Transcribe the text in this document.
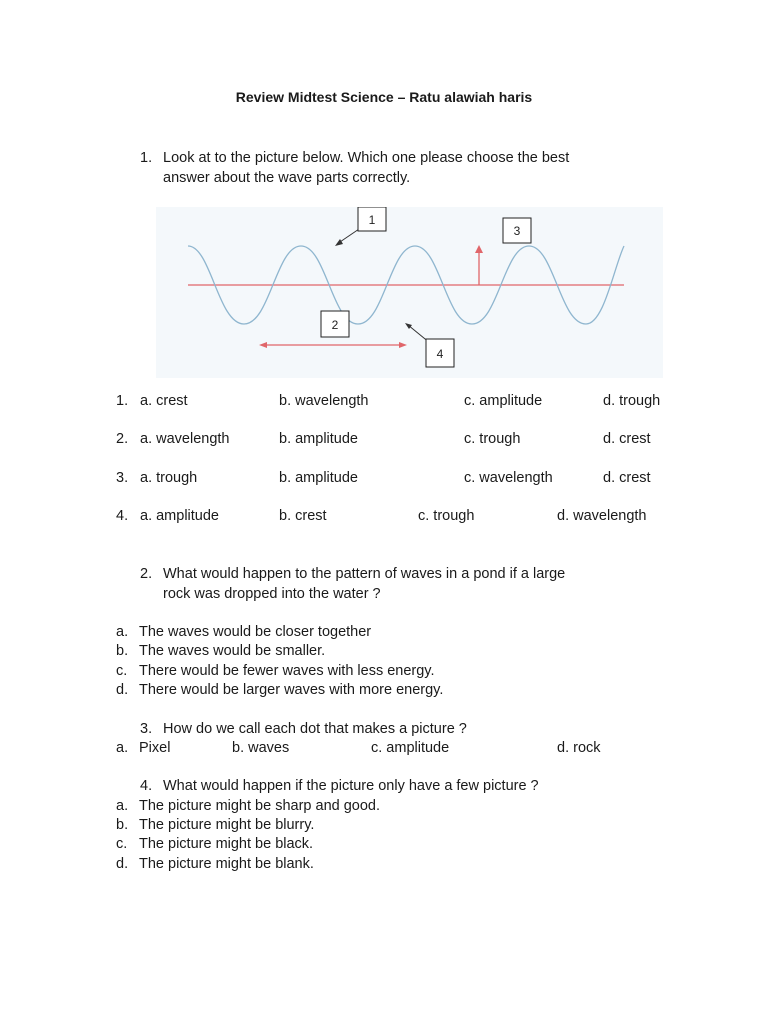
Review Midtest Science – Ratu alawiah haris
1. Look at to the picture below. Which one please choose the best
answer about the wave parts correctly.
1
3
2
4
1. a. crest	b. wavelength	c. amplitude	d. trough
2. a. wavelength	b. amplitude	c. trough	d. crest
3. a. trough	b. amplitude	c. wavelength	d. crest
4. a. amplitude	b. crest	c. trough	d. wavelength
2. What would happen to the pattern of waves in a pond if a large
rock was dropped into the water ?
a. The waves would be closer together
b. The waves would be smaller.
c. There would be fewer waves with less energy.
d. There would be larger waves with more energy.
3. How do we call each dot that makes a picture ?
a. Pixel	b. waves	c. amplitude	d. rock
4. What would happen if the picture only have a few picture ?
a. The picture might be sharp and good.
b. The picture might be blurry.
c. The picture might be black.
d. The picture might be blank.
